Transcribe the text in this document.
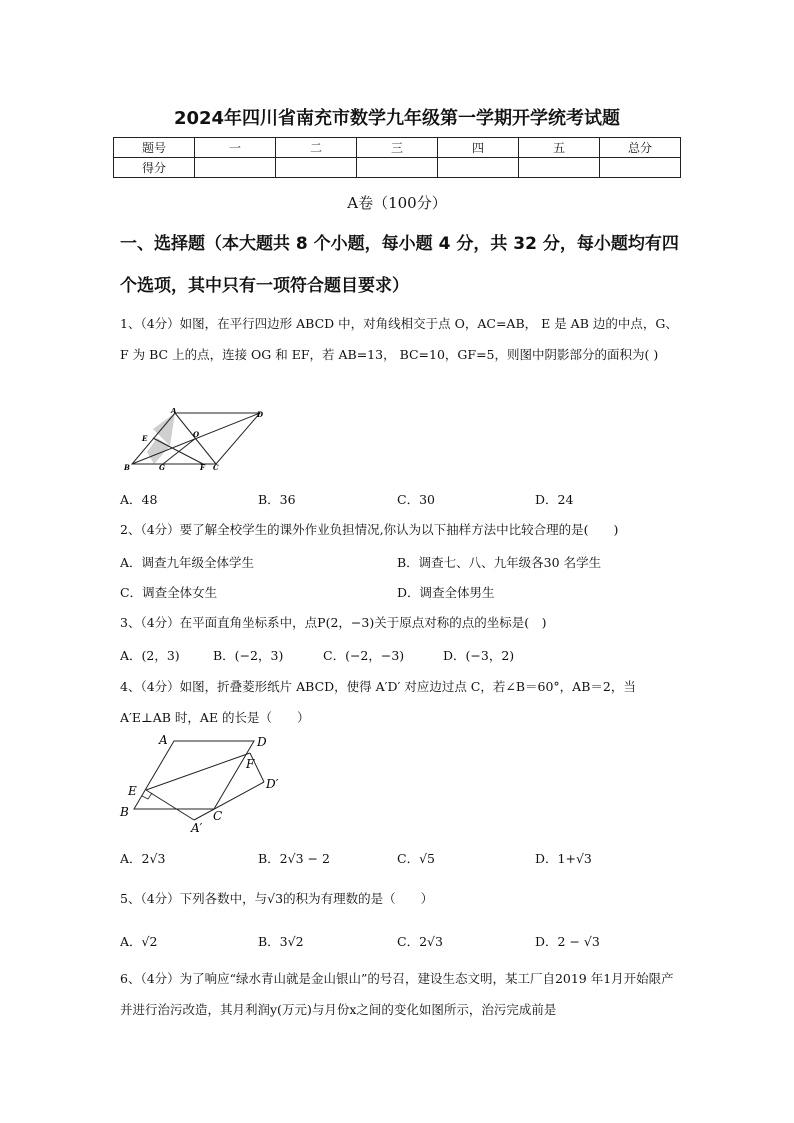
2024年四川省南充市数学九年级第一学期开学统考试题
题号	一	二	三	四	五	总分
得分						
A卷（100分）
一、选择题（本大题共 8 个小题，每小题 4 分，共 32 分，每小题均有四个选项，其中只有一项符合题目要求）
1、（4分）如图，在平行四边形 ABCD 中，对角线相交于点 O，AC=AB， E 是 AB 边的中点，G、F 为 BC 上的点，连接 OG 和 EF，若 AB=13， BC=10，GF=5，则图中阴影部分的面积为( )
A	D
E	O
B	G	F C
A．48	B．36	C．30	D．24
2、（4分）要了解全校学生的课外作业负担情况,你认为以下抽样方法中比较合理的是(　　)
A．调查九年级全体学生	B．调查七、八、九年级各30 名学生
C．调查全体女生	D．调查全体男生
3、（4分）在平面直角坐标系中，点P(2，−3)关于原点对称的点的坐标是(　)
A．(2，3)	B．(−2，3)	C．(−2，−3)	D．(−3，2)
4、（4分）如图，折叠菱形纸片 ABCD，使得 A′D′ 对应边过点 C，若∠B＝60°，AB＝2，当 A′E⊥AB 时，AE 的长是（　　）
A	D
F
D′
E
B	C
A′
A．2√3	B．2√3 − 2	C．√5	D．1+√3
5、（4分）下列各数中，与√3的积为有理数的是（　　）
A．√2	B．3√2	C．2√3	D．2 − √3
6、（4分）为了响应“绿水青山就是金山银山”的号召，建设生态文明，某工厂自2019 年1月开始限产并进行治污改造，其月利润y(万元)与月份x之间的变化如图所示，治污完成前是
